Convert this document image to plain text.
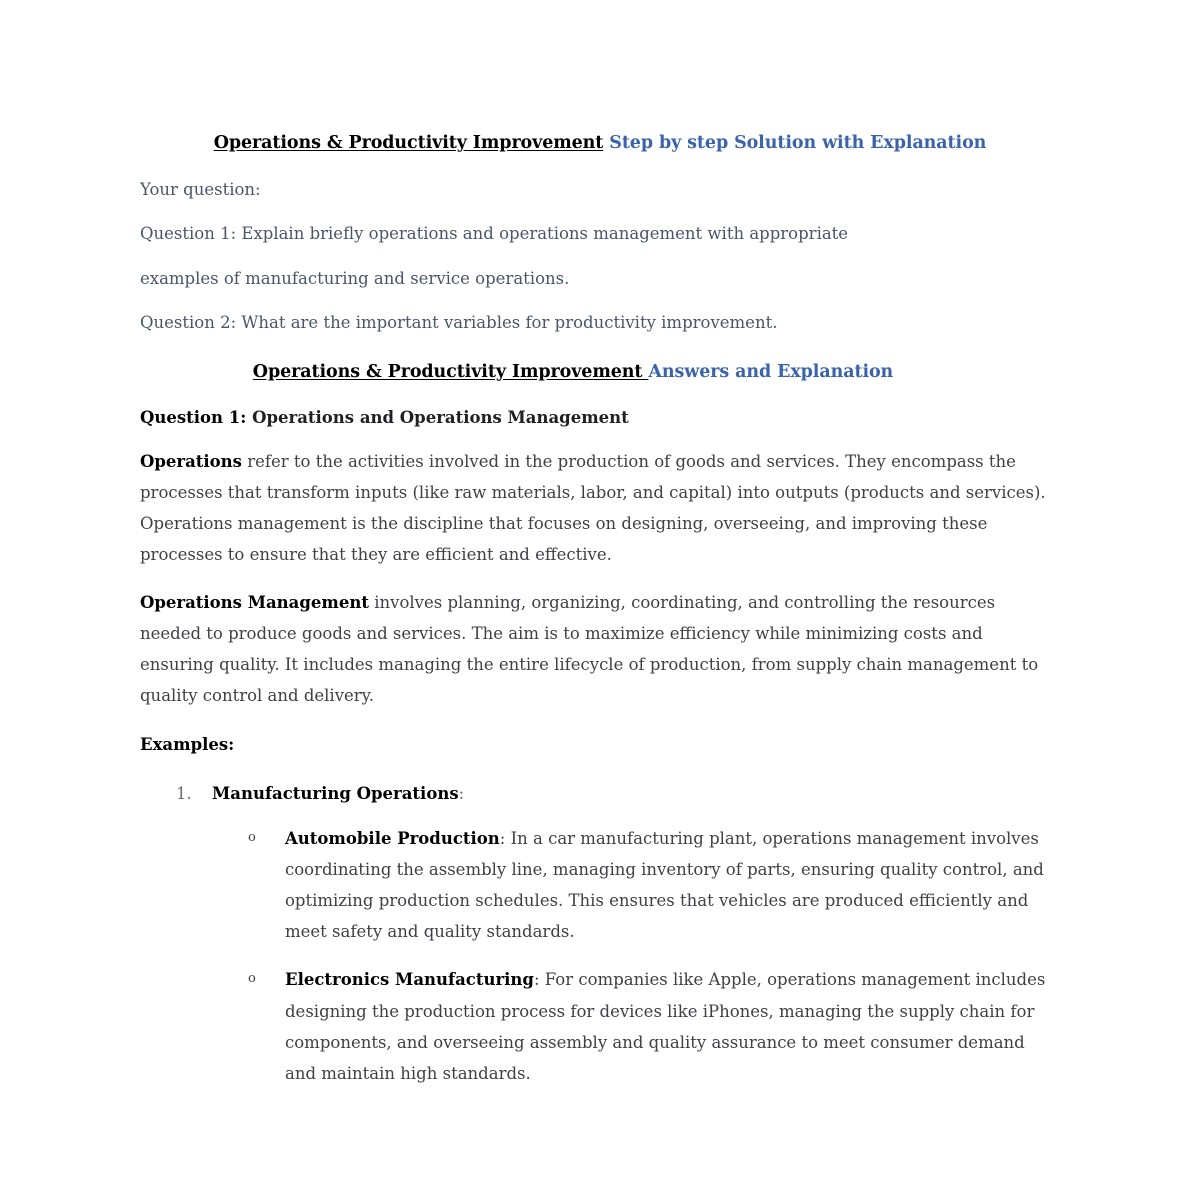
Operations & Productivity Improvement Step by step Solution with Explanation
Your question:
Question 1: Explain briefly operations and operations management with appropriate
examples of manufacturing and service operations.
Question 2: What are the important variables for productivity improvement.
Operations & Productivity Improvement Answers and Explanation
Question 1: Operations and Operations Management

Operations refer to the activities involved in the production of goods and services. They encompass the processes that transform inputs (like raw materials, labor, and capital) into outputs (products and services). Operations management is the discipline that focuses on designing, overseeing, and improving these processes to ensure that they are efficient and effective.

Operations Management involves planning, organizing, coordinating, and controlling the resources needed to produce goods and services. The aim is to maximize efficiency while minimizing costs and ensuring quality. It includes managing the entire lifecycle of production, from supply chain management to quality control and delivery.

Examples:
1. Manufacturing Operations:
o Automobile Production: In a car manufacturing plant, operations management involves coordinating the assembly line, managing inventory of parts, ensuring quality control, and optimizing production schedules. This ensures that vehicles are produced efficiently and meet safety and quality standards.
o Electronics Manufacturing: For companies like Apple, operations management includes designing the production process for devices like iPhones, managing the supply chain for components, and overseeing assembly and quality assurance to meet consumer demand and maintain high standards.
